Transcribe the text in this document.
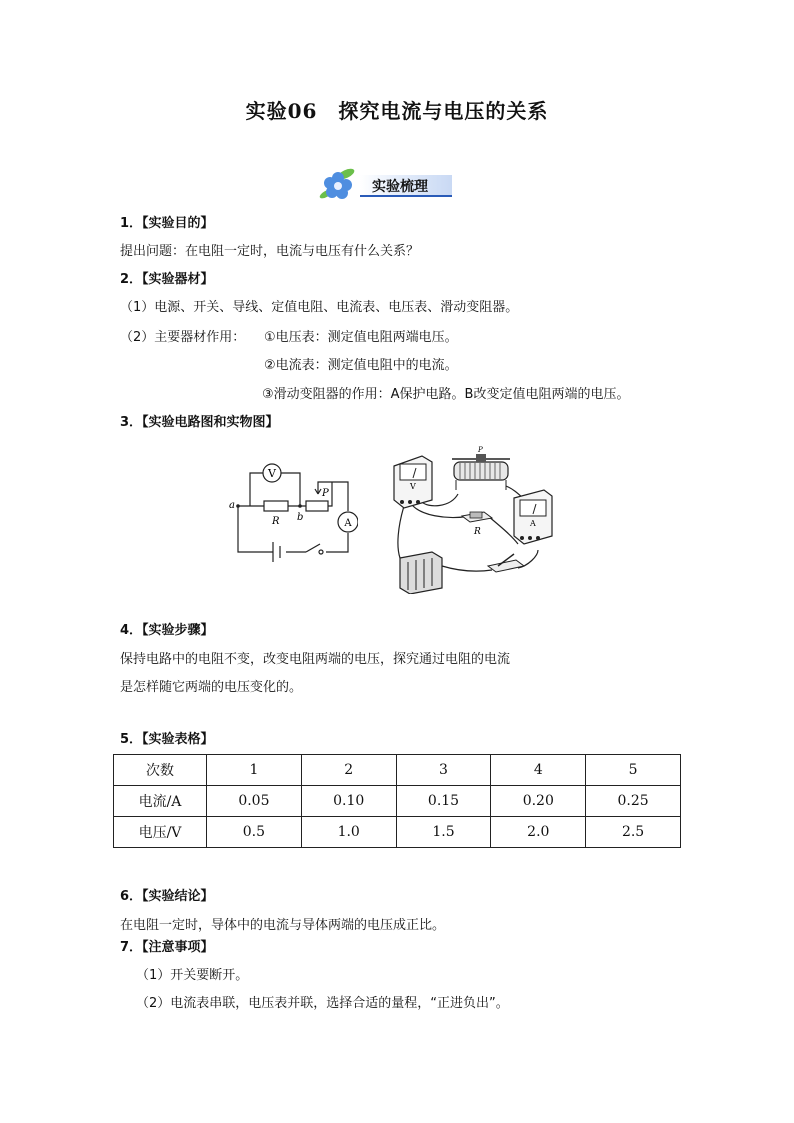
实验06　探究电流与电压的关系
实验梳理
1．【实验目的】
提出问题：在电阻一定时，电流与电压有什么关系？
2．【实验器材】
（1）电源、开关、导线、定值电阻、电流表、电压表、滑动变阻器。
（2）主要器材作用： ①电压表：测定值电阻两端电压。
②电流表：测定值电阻中的电流。
③滑动变阻器的作用：A保护电路。B改变定值电阻两端的电压。
3．【实验电路图和实物图】
V
A
a
b
R
P
V
P
R
A
4．【实验步骤】
保持电路中的电阻不变，改变电阻两端的电压，探究通过电阻的电流
是怎样随它两端的电压变化的。
5．【实验表格】
次数	1	2	3	4	5
电流/A	0.05	0.10	0.15	0.20	0.25
电压/V	0.5	1.0	1.5	2.0	2.5
6．【实验结论】
在电阻一定时，导体中的电流与导体两端的电压成正比。
7．【注意事项】
（1）开关要断开。
（2）电流表串联，电压表并联，选择合适的量程，“正进负出”。
